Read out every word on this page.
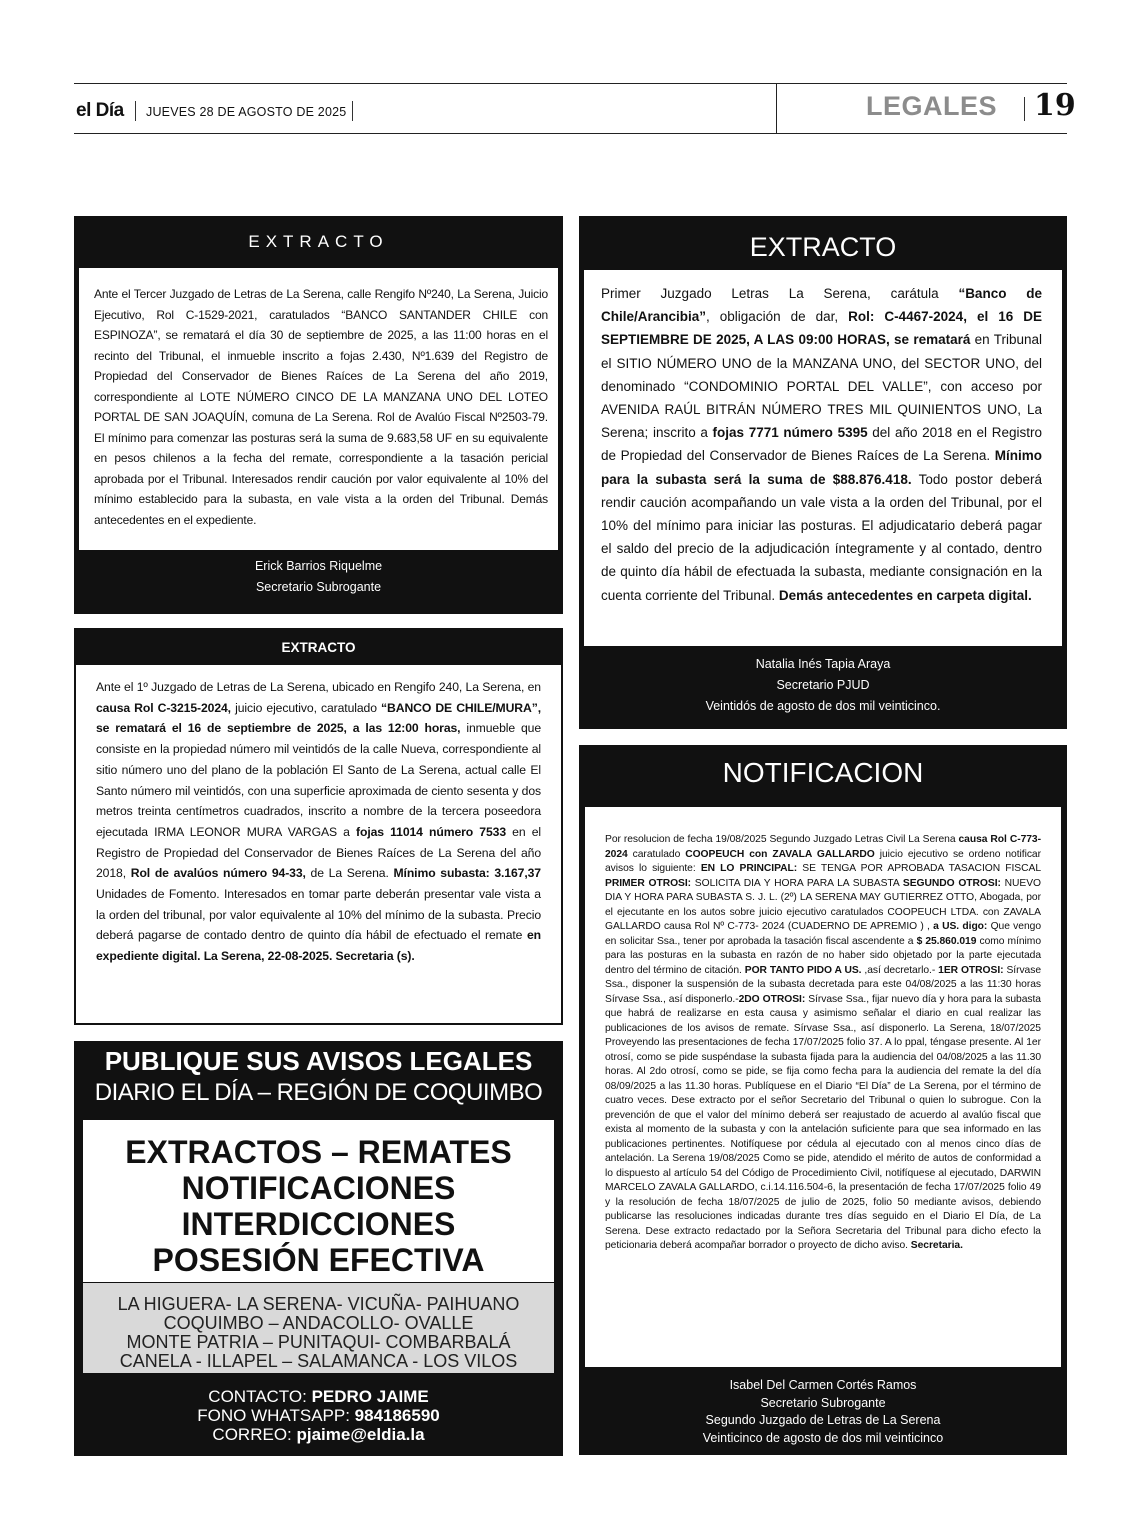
el Día JUEVES 28 DE AGOSTO DE 2025	LEGALES 19
EXTRACTO
Ante el Tercer Juzgado de Letras de La Serena, calle Rengifo Nº240, La Serena, Juicio Ejecutivo, Rol C-1529-2021, caratulados “BANCO SANTANDER CHILE con ESPINOZA”, se rematará el día 30 de septiembre de 2025, a las 11:00 horas en el recinto del Tribunal, el inmueble inscrito a fojas 2.430, Nº1.639 del Registro de Propiedad del Conservador de Bienes Raíces de La Serena del año 2019, correspondiente al LOTE NÚMERO CINCO DE LA MANZANA UNO DEL LOTEO PORTAL DE SAN JOAQUÍN, comuna de La Serena. Rol de Avalúo Fiscal Nº2503-79. El mínimo para comenzar las posturas será la suma de 9.683,58 UF en su equivalente en pesos chilenos a la fecha del remate, correspondiente a la tasación pericial aprobada por el Tribunal. Interesados rendir caución por valor equivalente al 10% del mínimo establecido para la subasta, en vale vista a la orden del Tribunal. Demás antecedentes en el expediente.
Erick Barrios Riquelme
Secretario Subrogante
EXTRACTO
Ante el 1º Juzgado de Letras de La Serena, ubicado en Rengifo 240, La Serena, en causa Rol C-3215-2024, juicio ejecutivo, caratulado “BANCO DE CHILE/MURA”, se rematará el 16 de septiembre de 2025, a las 12:00 horas, inmueble que consiste en la propiedad número mil veintidós de la calle Nueva, correspondiente al sitio número uno del plano de la población El Santo de La Serena, actual calle El Santo número mil veintidós, con una superficie aproximada de ciento sesenta y dos metros treinta centímetros cuadrados, inscrito a nombre de la tercera poseedora ejecutada IRMA LEONOR MURA VARGAS a fojas 11014 número 7533 en el Registro de Propiedad del Conservador de Bienes Raíces de La Serena del año 2018, Rol de avalúos número 94-33, de La Serena. Mínimo subasta: 3.167,37 Unidades de Fomento. Interesados en tomar parte deberán presentar vale vista a la orden del tribunal, por valor equivalente al 10% del mínimo de la subasta. Precio deberá pagarse de contado dentro de quinto día hábil de efectuado el remate en expediente digital. La Serena, 22-08-2025. Secretaria (s).
PUBLIQUE SUS AVISOS LEGALES
DIARIO EL DÍA – REGIÓN DE COQUIMBO
EXTRACTOS – REMATES
NOTIFICACIONES
INTERDICCIONES
POSESIÓN EFECTIVA
LA HIGUERA- LA SERENA- VICUÑA- PAIHUANO
COQUIMBO – ANDACOLLO- OVALLE
MONTE PATRIA – PUNITAQUI- COMBARBALÁ
CANELA - ILLAPEL – SALAMANCA - LOS VILOS
CONTACTO: PEDRO JAIME
FONO WHATSAPP: 984186590
CORREO: pjaime@eldia.la
EXTRACTO
Primer Juzgado Letras La Serena, carátula “Banco de Chile/Arancibia”, obligación de dar, Rol: C-4467-2024, el 16 DE SEPTIEMBRE DE 2025, A LAS 09:00 HORAS, se rematará en Tribunal el SITIO NÚMERO UNO de la MANZANA UNO, del SECTOR UNO, del denominado “CONDOMINIO PORTAL DEL VALLE”, con acceso por AVENIDA RAÚL BITRÁN NÚMERO TRES MIL QUINIENTOS UNO, La Serena; inscrito a fojas 7771 número 5395 del año 2018 en el Registro de Propiedad del Conservador de Bienes Raíces de La Serena. Mínimo para la subasta será la suma de $88.876.418. Todo postor deberá rendir caución acompañando un vale vista a la orden del Tribunal, por el 10% del mínimo para iniciar las posturas. El adjudicatario deberá pagar el saldo del precio de la adjudicación íntegramente y al contado, dentro de quinto día hábil de efectuada la subasta, mediante consignación en la cuenta corriente del Tribunal. Demás antecedentes en carpeta digital.
Natalia Inés Tapia Araya
Secretario PJUD
Veintidós de agosto de dos mil veinticinco.
NOTIFICACION
Por resolucion de fecha 19/08/2025 Segundo Juzgado Letras Civil La Serena causa Rol C-773-2024 caratulado COOPEUCH con ZAVALA GALLARDO juicio ejecutivo se ordeno notificar avisos lo siguiente: EN LO PRINCIPAL: SE TENGA POR APROBADA TASACION FISCAL PRIMER OTROSI: SOLICITA DIA Y HORA PARA LA SUBASTA SEGUNDO OTROSI: NUEVO DIA Y HORA PARA SUBASTA S. J. L. (2º) LA SERENA MAY GUTIERREZ OTTO, Abogada, por el ejecutante en los autos sobre juicio ejecutivo caratulados COOPEUCH LTDA. con ZAVALA GALLARDO causa Rol Nº C-773- 2024 (CUADERNO DE APREMIO ) , a US. digo: Que vengo en solicitar Ssa., tener por aprobada la tasación fiscal ascendente a $ 25.860.019 como mínimo para las posturas en la subasta en razón de no haber sido objetado por la parte ejecutada dentro del término de citación. POR TANTO PIDO A US. ,así decretarlo.- 1ER OTROSI: Sírvase Ssa., disponer la suspensión de la subasta decretada para este 04/08/2025 a las 11:30 horas Sírvase Ssa., así disponerlo.-2DO OTROSI: Sírvase Ssa., fijar nuevo día y hora para la subasta que habrá de realizarse en esta causa y asimismo señalar el diario en cual realizar las publicaciones de los avisos de remate. Sírvase Ssa., así disponerlo. La Serena, 18/07/2025 Proveyendo las presentaciones de fecha 17/07/2025 folio 37. A lo ppal, téngase presente. Al 1er otrosí, como se pide suspéndase la subasta fijada para la audiencia del 04/08/2025 a las 11.30 horas. Al 2do otrosí, como se pide, se fija como fecha para la audiencia del remate la del día 08/09/2025 a las 11.30 horas. Publíquese en el Diario “El Día” de La Serena, por el término de cuatro veces. Dese extracto por el señor Secretario del Tribunal o quien lo subrogue. Con la prevención de que el valor del mínimo deberá ser reajustado de acuerdo al avalúo fiscal que exista al momento de la subasta y con la antelación suficiente para que sea informado en las publicaciones pertinentes. Notifíquese por cédula al ejecutado con al menos cinco días de antelación. La Serena 19/08/2025 Como se pide, atendido el mérito de autos de conformidad a lo dispuesto al artículo 54 del Código de Procedimiento Civil, notifíquese al ejecutado, DARWIN MARCELO ZAVALA GALLARDO, c.i.14.116.504-6, la presentación de fecha 17/07/2025 folio 49 y la resolución de fecha 18/07/2025 de julio de 2025, folio 50 mediante avisos, debiendo publicarse las resoluciones indicadas durante tres días seguido en el Diario El Día, de La Serena. Dese extracto redactado por la Señora Secretaria del Tribunal para dicho efecto la peticionaria deberá acompañar borrador o proyecto de dicho aviso. Secretaria.
Isabel Del Carmen Cortés Ramos
Secretario Subrogante
Segundo Juzgado de Letras de La Serena
Veinticinco de agosto de dos mil veinticinco
